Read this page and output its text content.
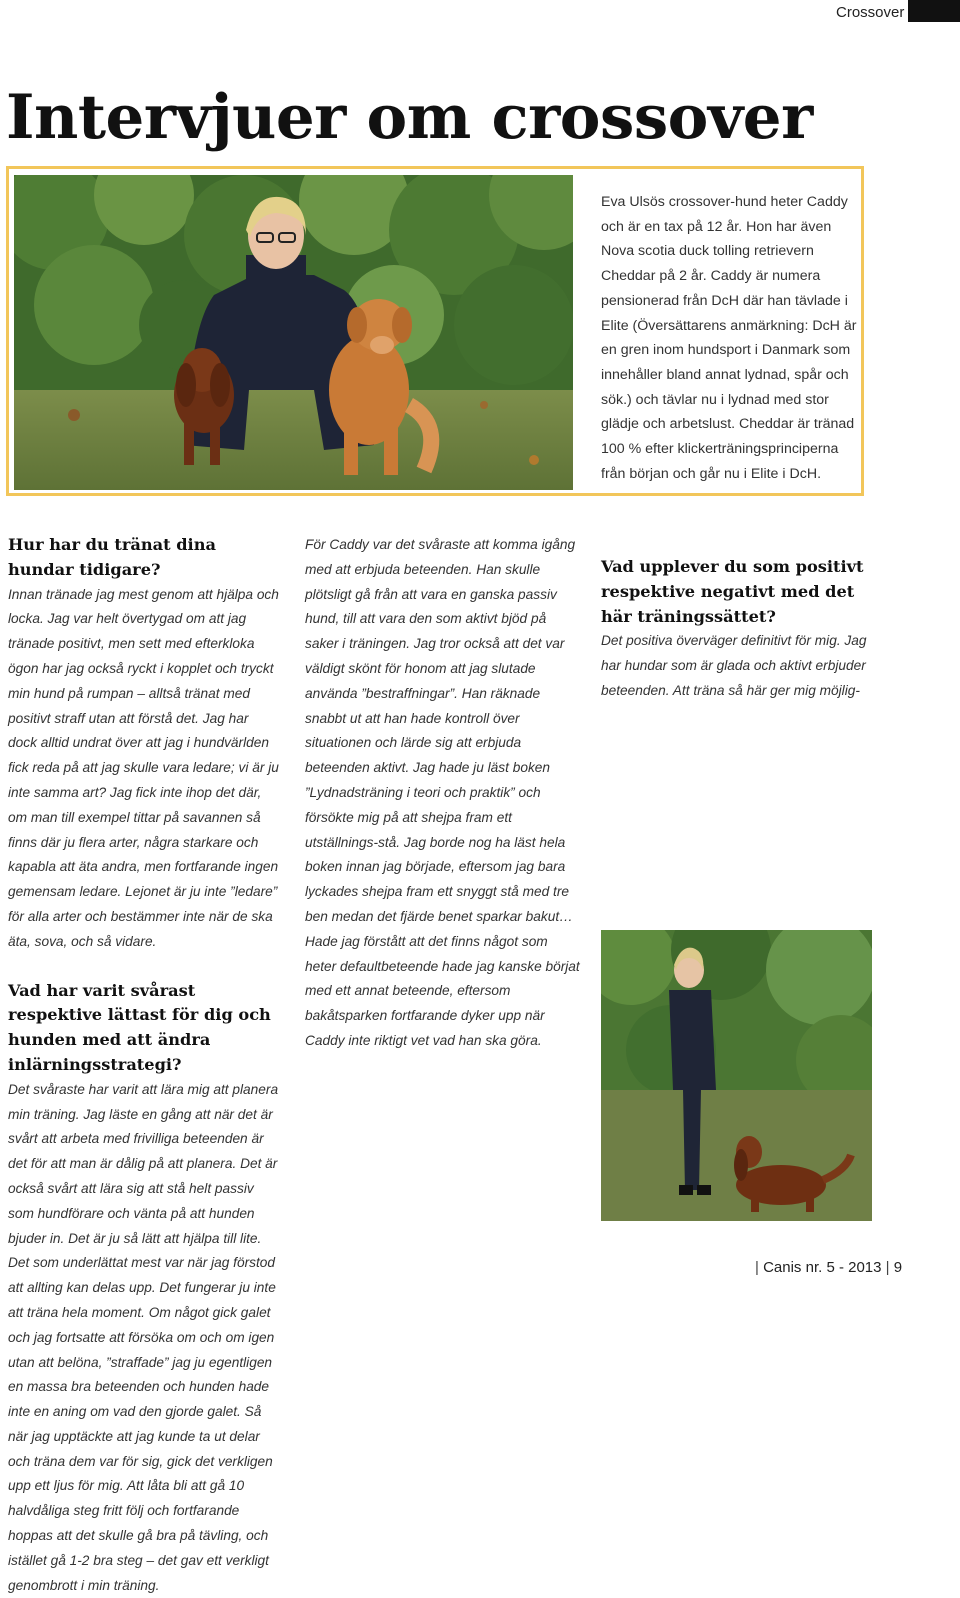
Crossover
Intervjuer om crossover

Eva Ulsös crossover-hund heter Caddy och är en tax på 12 år. Hon har även Nova scotia duck tolling retrievern Cheddar på 2 år. Caddy är numera pensionerad från DcH där han tävlade i Elite (Översättarens anmärkning: DcH är en gren inom hundsport i Danmark som innehåller bland annat lydnad, spår och sök.) och tävlar nu i lydnad med stor glädje och arbetslust. Cheddar är tränad 100 % efter klickerträningsprinciperna från början och går nu i Elite i DcH.

Hur har du tränat dina hundar tidigare?

Innan tränade jag mest genom att hjälpa och locka. Jag var helt övertygad om att jag tränade positivt, men sett med efterkloka ögon har jag också ryckt i kopplet och tryckt min hund på rumpan – alltså tränat med positivt straff utan att förstå det. Jag har dock alltid undrat över att jag i hundvärlden fick reda på att jag skulle vara ledare; vi är ju inte samma art? Jag fick inte ihop det där, om man till exempel tittar på savannen så finns där ju flera arter, några starkare och kapabla att äta andra, men fortfarande ingen gemensam ledare. Lejonet är ju inte ”ledare” för alla arter och bestämmer inte när de ska äta, sova, och så vidare.

Vad har varit svårast respektive lättast för dig och hunden med att ändra inlärningsstrategi?

Det svåraste har varit att lära mig att planera min träning. Jag läste en gång att när det är svårt att arbeta med frivilliga beteenden är det för att man är dålig på att planera. Det är också svårt att lära sig att stå helt passiv som hundförare och vänta på att hunden bjuder in. Det är ju så lätt att hjälpa till lite. Det som underlättat mest var när jag förstod att allting kan delas upp. Det fungerar ju inte att träna hela moment. Om något gick galet och jag fortsatte att försöka om och om igen utan att belöna, ”straffade” jag ju egentligen en massa bra beteenden och hunden hade inte en aning om vad den gjorde galet. Så när jag upptäckte att jag kunde ta ut delar och träna dem var för sig, gick det verkligen upp ett ljus för mig. Att låta bli att gå 10 halvdåliga steg fritt följ och fortfarande hoppas att det skulle gå bra på tävling, och istället gå 1-2 bra steg – det gav ett verkligt genombrott i min träning.

För Caddy var det svåraste att komma igång med att erbjuda beteenden. Han skulle plötsligt gå från att vara en ganska passiv hund, till att vara den som aktivt bjöd på saker i träningen. Jag tror också att det var väldigt skönt för honom att jag slutade använda ”bestraffningar”. Han räknade snabbt ut att han hade kontroll över situationen och lärde sig att erbjuda beteenden aktivt. Jag hade ju läst boken ”Lydnadsträning i teori och praktik” och försökte mig på att shejpa fram ett utställnings-stå. Jag borde nog ha läst hela boken innan jag började, eftersom jag bara lyckades shejpa fram ett snyggt stå med tre ben medan det fjärde benet sparkar bakut… Hade jag förstått att det finns något som heter defaultbeteende hade jag kanske börjat med ett annat beteende, eftersom bakåtsparken fortfarande dyker upp när Caddy inte riktigt vet vad han ska göra.

Vad upplever du som positivt respektive negativt med det här träningssättet?

Det positiva överväger definitivt för mig. Jag har hundar som är glada och aktivt erbjuder beteenden. Att träna så här ger mig möjlig-

| Canis nr. 5 - 2013 | 9
